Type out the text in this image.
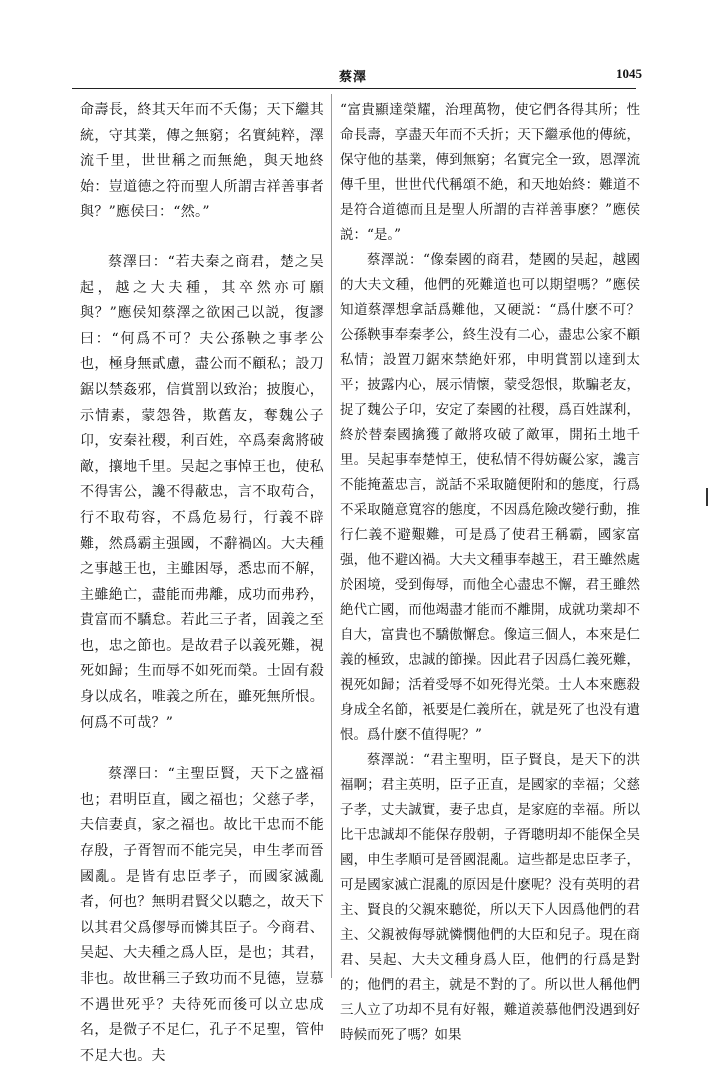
蔡澤	1045

命壽長，終其天年而不夭傷；天下繼其統，守其業，傳之無窮；名實純粹，澤流千里，世世稱之而無絶，與天地終始：豈道德之符而聖人所謂吉祥善事者與？”應侯曰：“然。”

蔡澤曰：“若夫秦之商君，楚之吴起，越之大夫種，其卒然亦可願與？”應侯知蔡澤之欲困己以説，復謬曰：“何爲不可？夫公孫鞅之事孝公也，極身無貳慮，盡公而不顧私；設刀鋸以禁姦邪，信賞罰以致治；披腹心，示情素，蒙怨咎，欺舊友，奪魏公子卬，安秦社稷，利百姓，卒爲秦禽將破敵，攘地千里。吴起之事悼王也，使私不得害公，讒不得蔽忠，言不取苟合，行不取苟容，不爲危易行，行義不辟難，然爲霸主强國，不辭禍凶。大夫種之事越王也，主雖困辱，悉忠而不解，主雖絶亡，盡能而弗離，成功而弗矜，貴富而不驕怠。若此三子者，固義之至也，忠之節也。是故君子以義死難，視死如歸；生而辱不如死而榮。士固有殺身以成名，唯義之所在，雖死無所恨。何爲不可哉？”

蔡澤曰：“主聖臣賢，天下之盛福也；君明臣直，國之福也；父慈子孝，夫信妻貞，家之福也。故比干忠而不能存殷，子胥智而不能完吴，申生孝而晉國亂。是皆有忠臣孝子，而國家滅亂者，何也？無明君賢父以聽之，故天下以其君父爲僇辱而憐其臣子。今商君、吴起、大夫種之爲人臣，是也；其君，非也。故世稱三子致功而不見德，豈慕不遇世死乎？夫待死而後可以立忠成名，是微子不足仁，孔子不足聖，管仲不足大也。夫

“富貴顯達榮耀，治理萬物，使它們各得其所；性命長壽，享盡天年而不夭折；天下繼承他的傳統，保守他的基業，傳到無窮；名實完全一致，恩澤流傳千里，世世代代稱頌不絶，和天地始終：難道不是符合道德而且是聖人所謂的吉祥善事麽？”應侯説：“是。”

蔡澤説：“像秦國的商君，楚國的吴起，越國的大夫文種，他們的死難道也可以期望嗎？”應侯知道蔡澤想拿話爲難他，又硬説：“爲什麽不可？公孫鞅事奉秦孝公，終生没有二心，盡忠公家不顧私情；設置刀鋸來禁絶奸邪，申明賞罰以達到太平；披露内心，展示情懷，蒙受怨恨，欺騙老友，捉了魏公子卬，安定了秦國的社稷，爲百姓謀利，終於替秦國擒獲了敵將攻破了敵軍，開拓土地千里。吴起事奉楚悼王，使私情不得妨礙公家，讒言不能掩蓋忠言，説話不采取隨便附和的態度，行爲不采取隨意寬容的態度，不因爲危險改變行動，推行仁義不避艱難，可是爲了使君王稱霸，國家富强，他不避凶禍。大夫文種事奉越王，君王雖然處於困境，受到侮辱，而他全心盡忠不懈，君王雖然絶代亡國，而他竭盡才能而不離開，成就功業却不自大，富貴也不驕傲懈怠。像這三個人，本來是仁義的極致，忠誠的節操。因此君子因爲仁義死難，視死如歸；活着受辱不如死得光榮。士人本來應殺身成全名節，衹要是仁義所在，就是死了也没有遺恨。爲什麽不值得呢？”

蔡澤説：“君主聖明，臣子賢良，是天下的洪福啊；君主英明，臣子正直，是國家的幸福；父慈子孝，丈夫誠實，妻子忠貞，是家庭的幸福。所以比干忠誠却不能保存殷朝，子胥聰明却不能保全吴國，申生孝順可是晉國混亂。這些都是忠臣孝子，可是國家滅亡混亂的原因是什麽呢？没有英明的君主、賢良的父親來聽從，所以天下人因爲他們的君主、父親被侮辱就憐憫他們的大臣和兒子。現在商君、吴起、大夫文種身爲人臣，他們的行爲是對的；他們的君主，就是不對的了。所以世人稱他們三人立了功却不見有好報，難道羨慕他們没遇到好時候而死了嗎？如果
